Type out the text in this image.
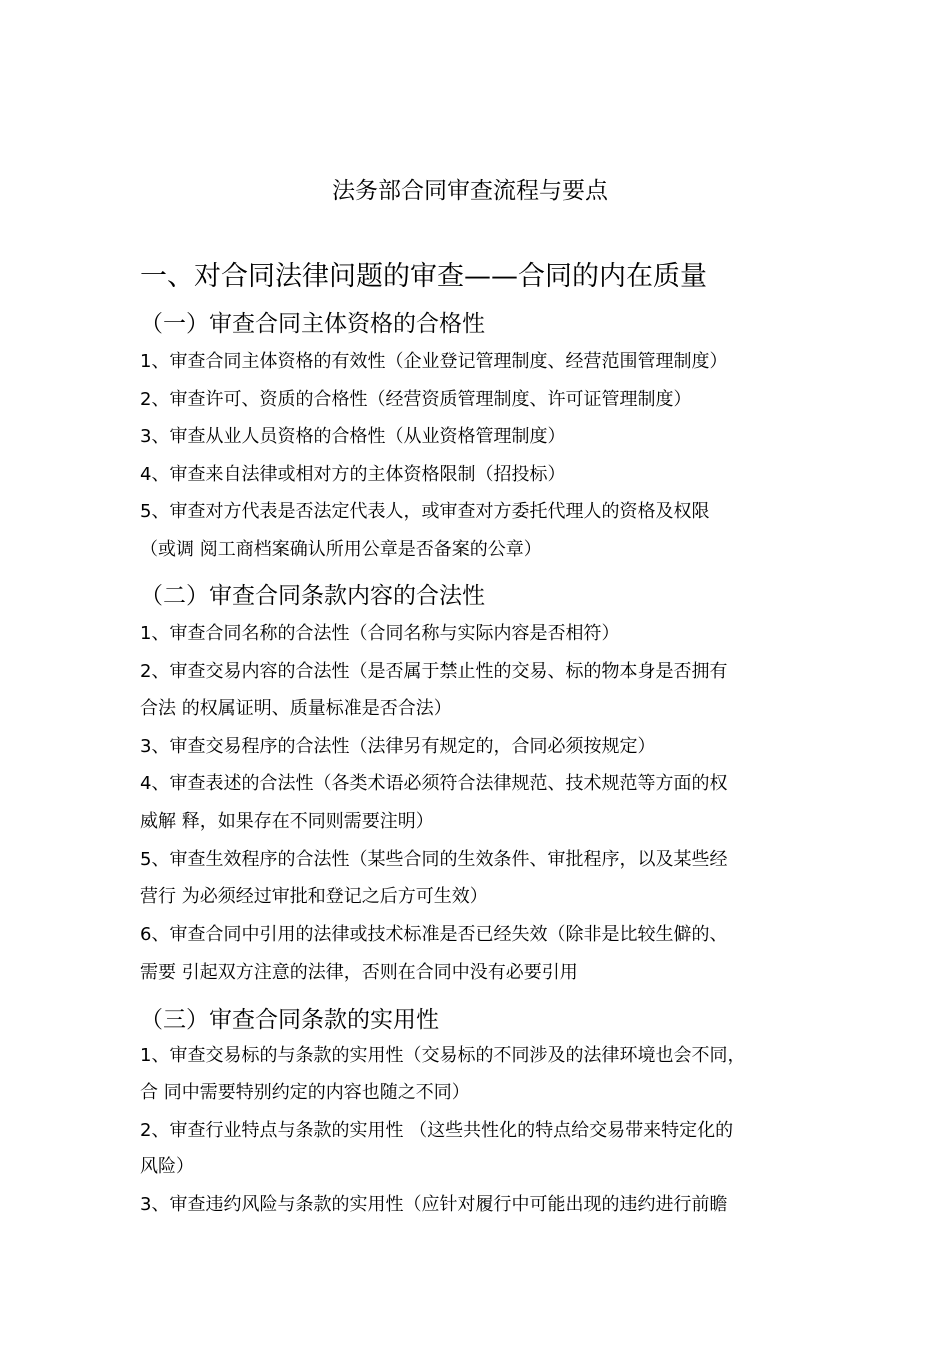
法务部合同审查流程与要点
一、对合同法律问题的审查——合同的内在质量
（一）审查合同主体资格的合格性
1、审查合同主体资格的有效性（企业登记管理制度、经营范围管理制度）
2、审查许可、资质的合格性（经营资质管理制度、许可证管理制度）
3、审查从业人员资格的合格性（从业资格管理制度）
4、审查来自法律或相对方的主体资格限制（招投标）
5、审查对方代表是否法定代表人，或审查对方委托代理人的资格及权限
（或调 阅工商档案确认所用公章是否备案的公章）
（二）审查合同条款内容的合法性
1、审查合同名称的合法性（合同名称与实际内容是否相符）
2、审查交易内容的合法性（是否属于禁止性的交易、标的物本身是否拥有
合法 的权属证明、质量标准是否合法）
3、审查交易程序的合法性（法律另有规定的，合同必须按规定）
4、审查表述的合法性（各类术语必须符合法律规范、技术规范等方面的权
威解 释，如果存在不同则需要注明）
5、审查生效程序的合法性（某些合同的生效条件、审批程序，以及某些经
营行 为必须经过审批和登记之后方可生效）
6、审查合同中引用的法律或技术标准是否已经失效（除非是比较生僻的、
需要 引起双方注意的法律，否则在合同中没有必要引用
（三）审查合同条款的实用性
1、审查交易标的与条款的实用性（交易标的不同涉及的法律环境也会不同，
合 同中需要特别约定的内容也随之不同）
2、审查行业特点与条款的实用性 （这些共性化的特点给交易带来特定化的
风险）
3、审查违约风险与条款的实用性（应针对履行中可能出现的违约进行前瞻
